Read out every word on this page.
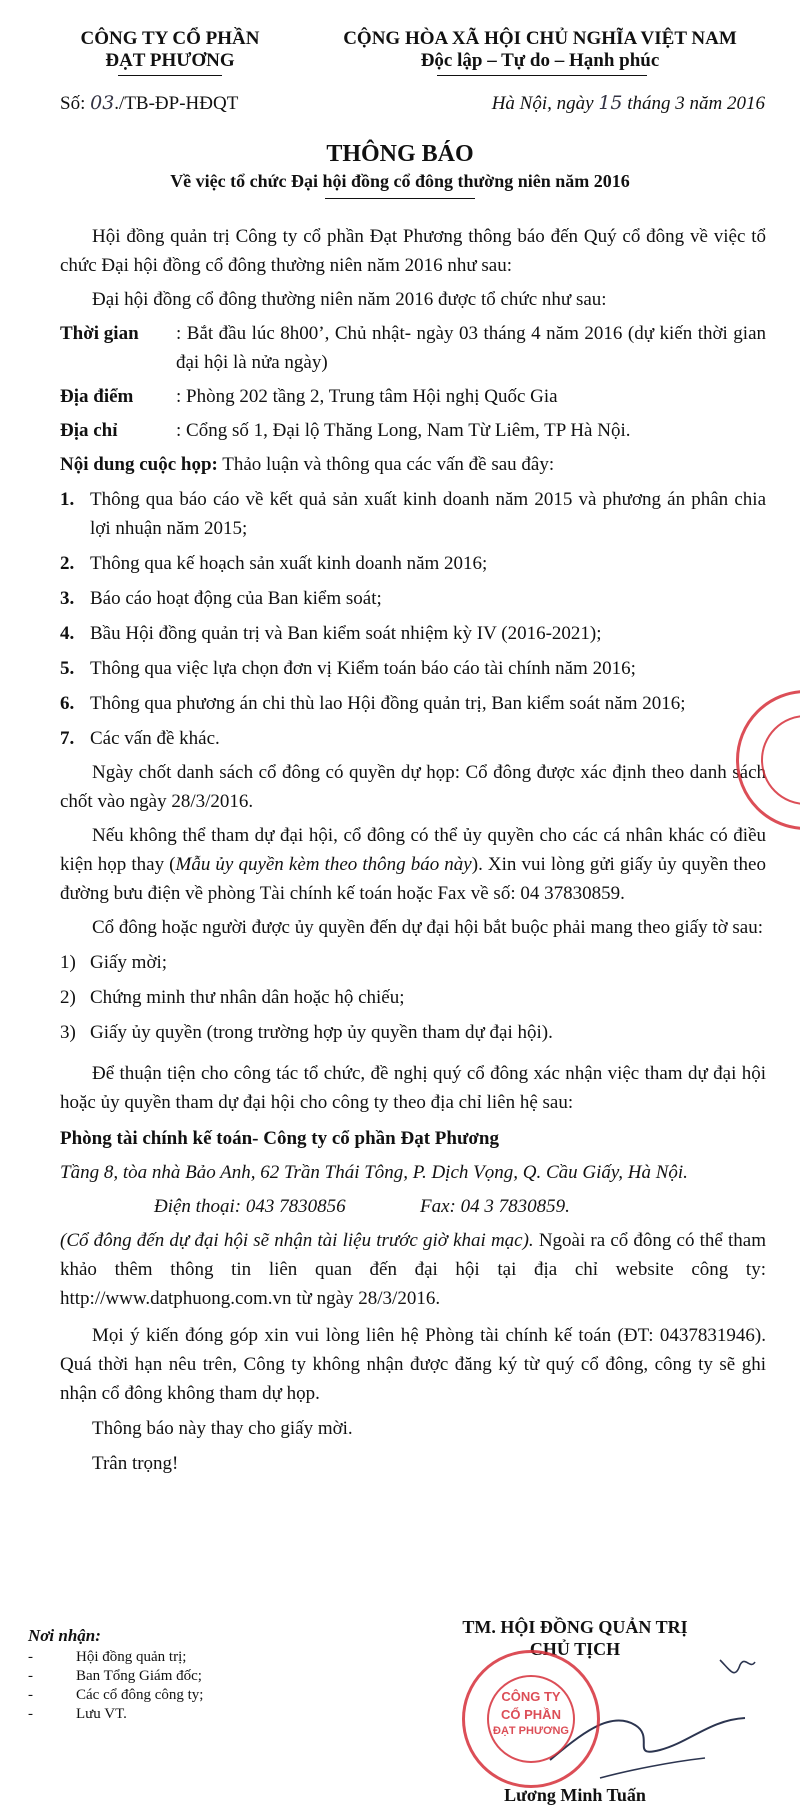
CÔNG TY CỔ PHẦN
ĐẠT PHƯƠNG
CỘNG HÒA XÃ HỘI CHỦ NGHĨA VIỆT NAM
Độc lập – Tự do – Hạnh phúc
Số: 03./TB-ĐP-HĐQT	Hà Nội, ngày 15 tháng 3 năm 2016
THÔNG BÁO
Về việc tổ chức Đại hội đồng cổ đông thường niên năm 2016
Hội đồng quản trị Công ty cổ phần Đạt Phương thông báo đến Quý cổ đông về việc tổ chức Đại hội đồng cổ đông thường niên năm 2016 như sau:
Đại hội đồng cổ đông thường niên năm 2016 được tổ chức như sau:
Thời gian	: Bắt đầu lúc 8h00’, Chủ nhật- ngày 03 tháng 4 năm 2016 (dự kiến thời gian đại hội là nửa ngày)
Địa điểm	: Phòng 202 tầng 2, Trung tâm Hội nghị Quốc Gia
Địa chỉ	: Cổng số 1, Đại lộ Thăng Long, Nam Từ Liêm, TP Hà Nội.
Nội dung cuộc họp: Thảo luận và thông qua các vấn đề sau đây:
1. Thông qua báo cáo về kết quả sản xuất kinh doanh năm 2015 và phương án phân chia lợi nhuận năm 2015;
2. Thông qua kế hoạch sản xuất kinh doanh năm 2016;
3. Báo cáo hoạt động của Ban kiểm soát;
4. Bầu Hội đồng quản trị và Ban kiểm soát nhiệm kỳ IV (2016-2021);
5. Thông qua việc lựa chọn đơn vị Kiểm toán báo cáo tài chính năm 2016;
6. Thông qua phương án chi thù lao Hội đồng quản trị, Ban kiểm soát năm 2016;
7. Các vấn đề khác.
Ngày chốt danh sách cổ đông có quyền dự họp: Cổ đông được xác định theo danh sách chốt vào ngày 28/3/2016.
Nếu không thể tham dự đại hội, cổ đông có thể ủy quyền cho các cá nhân khác có điều kiện họp thay (Mẫu ủy quyền kèm theo thông báo này). Xin vui lòng gửi giấy ủy quyền theo đường bưu điện về phòng Tài chính kế toán hoặc Fax về số: 04 37830859.
Cổ đông hoặc người được ủy quyền đến dự đại hội bắt buộc phải mang theo giấy tờ sau:
1) Giấy mời;
2) Chứng minh thư nhân dân hoặc hộ chiếu;
3) Giấy ủy quyền (trong trường hợp ủy quyền tham dự đại hội).
Để thuận tiện cho công tác tổ chức, đề nghị quý cổ đông xác nhận việc tham dự đại hội hoặc ủy quyền tham dự đại hội cho công ty theo địa chỉ liên hệ sau:
Phòng tài chính kế toán- Công ty cổ phần Đạt Phương
Tầng 8, tòa nhà Bảo Anh, 62 Trần Thái Tông, P. Dịch Vọng, Q. Cầu Giấy, Hà Nội.
Điện thoại: 043 7830856	Fax: 04 3 7830859.
(Cổ đông đến dự đại hội sẽ nhận tài liệu trước giờ khai mạc). Ngoài ra cổ đông có thể tham khảo thêm thông tin liên quan đến đại hội tại địa chỉ website công ty: http://www.datphuong.com.vn từ ngày 28/3/2016.
Mọi ý kiến đóng góp xin vui lòng liên hệ Phòng tài chính kế toán (ĐT: 0437831946). Quá thời hạn nêu trên, Công ty không nhận được đăng ký từ quý cổ đông, công ty sẽ ghi nhận cổ đông không tham dự họp.
Thông báo này thay cho giấy mời.
Trân trọng!
Nơi nhận:
-	Hội đồng quản trị;
-	Ban Tổng Giám đốc;
-	Các cổ đông công ty;
-	Lưu VT.
TM. HỘI ĐỒNG QUẢN TRỊ
CHỦ TỊCH
Lương Minh Tuấn
CÔNG TY
CỔ PHẦN
ĐẠT PHƯƠNG
